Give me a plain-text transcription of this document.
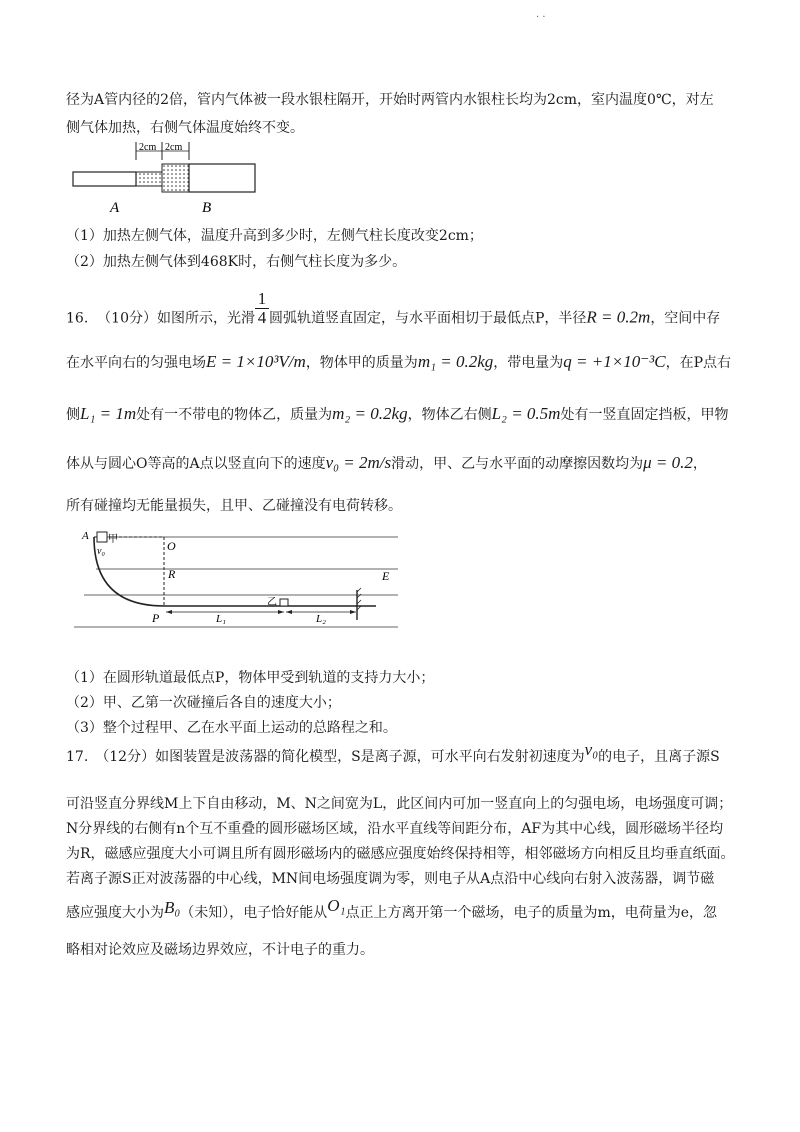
· ·
径为A管内径的2倍，管内气体被一段水银柱隔开，开始时两管内水银柱长均为2cm，室内温度0℃，对左
侧气体加热，右侧气体温度始终不变。
2cm 2cm
A	B
（1）加热左侧气体，温度升高到多少时，左侧气柱长度改变2cm；
（2）加热左侧气体到468K时，右侧气柱长度为多少。
16. （10分）如图所示，光滑 $\frac{1}{4}$圆弧轨道竖直固定，与水平面相切于最低点P，半径R = 0.2m，空间中存
在水平向右的匀强电场E = 1×10³V/m，物体甲的质量为m₁ = 0.2kg，带电量为q = +1×10⁻³C，在P点右
侧L₁ = 1m处有一不带电的物体乙，质量为m₂ = 0.2kg，物体乙右侧L₂ = 0.5m处有一竖直固定挡板，甲物
体从与圆心O等高的A点以竖直向下的速度v₀ = 2m/s滑动，甲、乙与水平面的动摩擦因数均为μ = 0.2，
所有碰撞均无能量损失，且甲、乙碰撞没有电荷转移。
A 甲
v₀	O
R	E
P	L₁	L₂
乙
（1）在圆形轨道最低点P，物体甲受到轨道的支持力大小；
（2）甲、乙第一次碰撞后各自的速度大小；
（3）整个过程甲、乙在水平面上运动的总路程之和。
17.　（12分）如图装置是波荡器的简化模型，S是离子源，可水平向右发射初速度为v₀的电子，且离子源S
可沿竖直分界线M上下自由移动，M、N之间宽为L，此区间内可加一竖直向上的匀强电场，电场强度可调；
N分界线的右侧有n个互不重叠的圆形磁场区域，沿水平直线等间距分布，AF为其中心线，圆形磁场半径均
为R，磁感应强度大小可调且所有圆形磁场内的磁感应强度始终保持相等，相邻磁场方向相反且均垂直纸面。
若离子源S正对波荡器的中心线，MN间电场强度调为零，则电子从A点沿中心线向右射入波荡器，调节磁
感应强度大小为B₀（未知），电子恰好能从O₁点正上方离开第一个磁场，电子的质量为m，电荷量为e，忽
略相对论效应及磁场边界效应，不计电子的重力。
